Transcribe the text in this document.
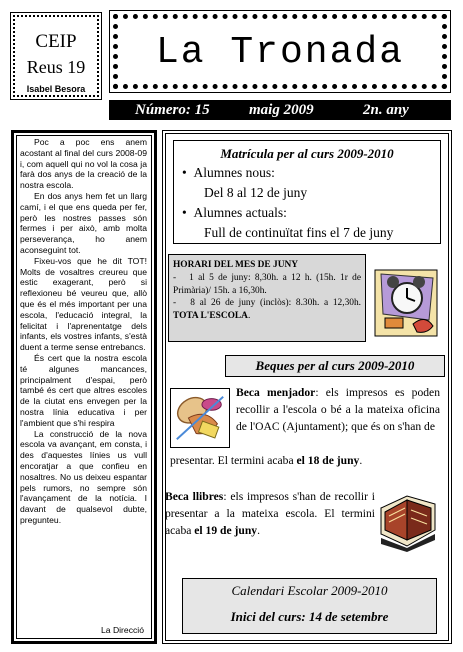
CEIP
Reus 19
Isabel Besora
La Tronada
Número: 15	maig 2009	2n. any

Poc a poc ens anem acostant al final del curs 2008-09 i, com aquell qui no vol la cosa ja farà dos anys de la creació de la nostra escola.

En dos anys hem fet un llarg camí, i el que ens queda per fer, però les nostres passes són fermes i per això, amb molta perseverança, ho anem aconseguint tot.

Fixeu-vos que he dit TOT! Molts de vosaltres creureu que estic exagerant, però si reflexioneu bé veureu que, allò que és el més important per una escola, l'educació integral, la felicitat i l'aprenentatge dels infants, els vostres infants, s'està duent a terme sense entrebancs.

És cert que la nostra escola té algunes mancances, principalment d'espai, però també és cert que altres escoles de la ciutat ens envegen per la nostra línia educativa i per l'ambient que s'hi respira

La construcció de la nova escola va avançant, em consta, i des d'aquestes línies us vull encoratjar a que confieu en nosaltres. No us deixeu espantar pels rumors, no sempre són l'avançament de la notícia. I davant de qualsevol dubte, pregunteu.

La Direcció
Matrícula per al curs 2009-2010
•  Alumnes nous:
Del 8 al 12 de juny
•  Alumnes actuals:
Full de continuïtat fins el 7 de juny
HORARI DEL MES DE JUNY
-   1 al 5 de juny: 8,30h. a 12 h. (15h. 1r de Primària)/ 15h. a 16,30h.
-   8 al 26 de juny (inclòs): 8.30h. a 12,30h. TOTA L'ESCOLA.
Beques per al curs 2009-2010
Beca menjador: els impresos es poden recollir a l'escola o bé a la mateixa oficina de l'OAC (Ajuntament); que és on s'han de
presentar. El termini acaba el 18 de juny.
Beca llibres: els impresos s'han de recollir i presentar a la mateixa escola. El termini acaba el 19 de juny.
Calendari Escolar 2009-2010
Inici del curs: 14 de setembre
